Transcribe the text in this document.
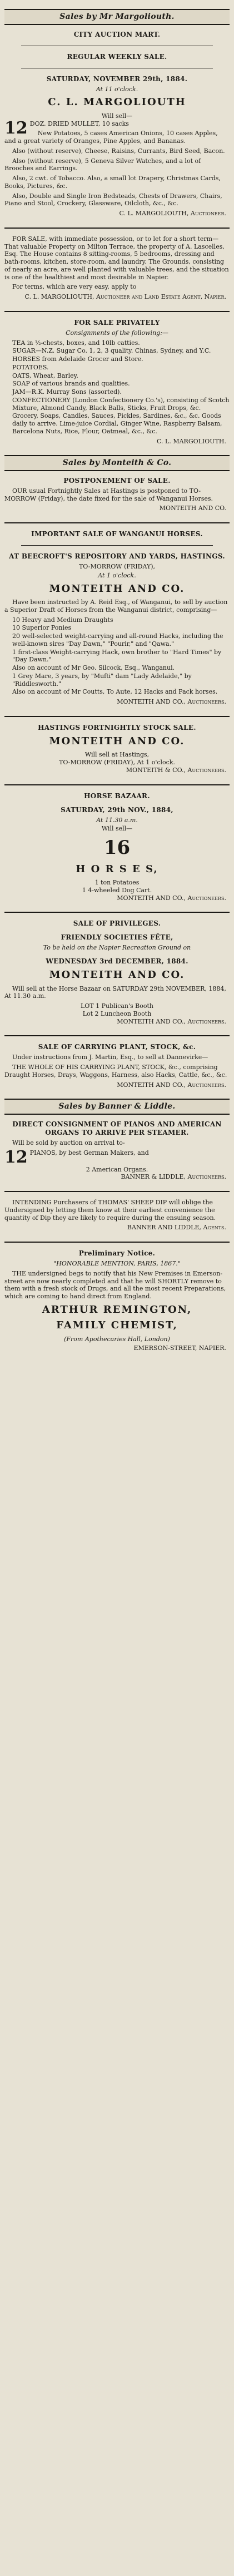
Sales by Mr Margoliouth.
CITY AUCTION MART.
REGULAR WEEKLY SALE.
SATURDAY, NOVEMBER 29th, 1884.
At 11 o'clock.
C. L. MARGOLIOUTH
Will sell—
12 DOZ. DRIED MULLET, 10 sacks
New Potatoes, 5 cases American Onions, 10 cases Apples, and a great variety of Oranges, Pine Apples, and Bananas.
Also (without reserve), Cheese, Raisins, Currants, Bird Seed, Bacon.
Also (without reserve), 5 Geneva Silver Watches, and a lot of Brooches and Earrings.
Also, 2 cwt. of Tobacco. Also, a small lot Drapery, Christmas Cards, Books, Pictures, &c.
Also, Double and Single Iron Bedsteads, Chests of Drawers, Chairs, Piano and Stool, Crockery, Glassware, Oilcloth, &c., &c.
C. L. MARGOLIOUTH, Auctioneer.
FOR SALE, with immediate possession, or to let for a short term—That valuable Property on Milton Terrace, the property of A. Lascelles, Esq. The House contains 8 sitting-rooms, 5 bedrooms, dressing and bath-rooms, kitchen, store-room, and laundry. The Grounds, consisting of nearly an acre, are well planted with valuable trees, and the situation is one of the healthiest and most desirable in Napier.
For terms, which are very easy, apply to
C. L. MARGOLIOUTH, Auctioneer and Land Estate Agent, Napier.
FOR SALE PRIVATELY
Consignments of the following:—
TEA in ½-chests, boxes, and 10lb catties.
SUGAR—N.Z. Sugar Co. 1, 2, 3 quality. Chinas, Sydney, and Y.C.
HORSES from Adelaide Grocer and Store.
POTATOES.
OATS, Wheat, Barley.
SOAP of various brands and qualities.
JAM—R.K. Murray Sons (assorted).
CONFECTIONERY (London Confectionery Co.'s), consisting of Scotch Mixture, Almond Candy, Black Balls, Sticks, Fruit Drops, &c.
Grocery, Soaps, Candles, Sauces, Pickles, Sardines, &c., &c. Goods daily to arrive. Lime-juice Cordial, Ginger Wine, Raspberry Balsam, Barcelona Nuts, Rice, Flour, Oatmeal, &c., &c.
C. L. MARGOLIOUTH.
Sales by Monteith & Co.
POSTPONEMENT OF SALE.
OUR usual Fortnightly Sales at Hastings is postponed to TO-MORROW (Friday), the date fixed for the sale of Wanganui Horses.
MONTEITH AND CO.
IMPORTANT SALE OF WANGANUI HORSES.
AT BEECROFT'S REPOSITORY AND YARDS, HASTINGS.
TO-MORROW (FRIDAY),
At 1 o'clock.
MONTEITH AND CO.
Have been instructed by A. Reid Esq., of Wanganui, to sell by auction a Superior Draft of Horses from the Wanganui district, comprising—
10 Heavy and Medium Draughts
10 Superior Ponies
20 well-selected weight-carrying and all-round Hacks, including the well-known sires "Day Dawn," "Pourir," and "Qawa."
1 first-class Weight-carrying Hack, own brother to "Hard Times" by "Day Dawn."
Also on account of Mr Geo. Silcock, Esq., Wanganui.
1 Grey Mare, 3 years, by "Mufti" dam "Lady Adelaide," by "Riddlesworth."
Also on account of Mr Coutts, To Aute, 12 Hacks and Pack horses.
MONTEITH AND CO., Auctioneers.
HASTINGS FORTNIGHTLY STOCK SALE.
MONTEITH AND CO.
Will sell at Hastings,
TO-MORROW (FRIDAY), At 1 o'clock.
MONTEITH & CO., Auctioneers.
HORSE BAZAAR.
SATURDAY, 29th NOV., 1884,
At 11.30 a.m.
Will sell—
16
H O R S E S,
1 ton Potatoes
1 4-wheeled Dog Cart.
MONTEITH AND CO., Auctioneers.
SALE OF PRIVILEGES.
FRIENDLY SOCIETIES FÊTE,
To be held on the Napier Recreation Ground on
WEDNESDAY 3rd DECEMBER, 1884.
MONTEITH AND CO.
Will sell at the Horse Bazaar on SATURDAY 29th NOVEMBER, 1884, At 11.30 a.m.
LOT 1 Publican's Booth
Lot 2 Luncheon Booth
MONTEITH AND CO., Auctioneers.
SALE OF CARRYING PLANT, STOCK, &c.
Under instructions from J. Martin, Esq., to sell at Dannevirke—
THE WHOLE OF HIS CARRYING PLANT, STOCK, &c., comprising Draught Horses, Drays, Waggons, Harness, also Hacks, Cattle, &c., &c.
MONTEITH AND CO., Auctioneers.
Sales by Banner & Liddle.
DIRECT CONSIGNMENT OF PIANOS AND AMERICAN ORGANS TO ARRIVE PER STEAMER.
Will be sold by auction on arrival to-
12 PIANOS, by best German Makers, and
2 American Organs.
BANNER & LIDDLE, Auctioneers.
INTENDING Purchasers of THOMAS' SHEEP DIP will oblige the Undersigned by letting them know at their earliest convenience the quantity of Dip they are likely to require during the ensuing season.
BANNER AND LIDDLE, Agents.
Preliminary Notice.
"HONORABLE MENTION, PARIS, 1867."
THE undersigned begs to notify that his New Premises in Emerson-street are now nearly completed and that he will SHORTLY remove to them with a fresh stock of Drugs, and all the most recent Preparations, which are coming to hand direct from England.
ARTHUR REMINGTON,
FAMILY CHEMIST,
(From Apothecaries Hall, London)
EMERSON-STREET, NAPIER.
